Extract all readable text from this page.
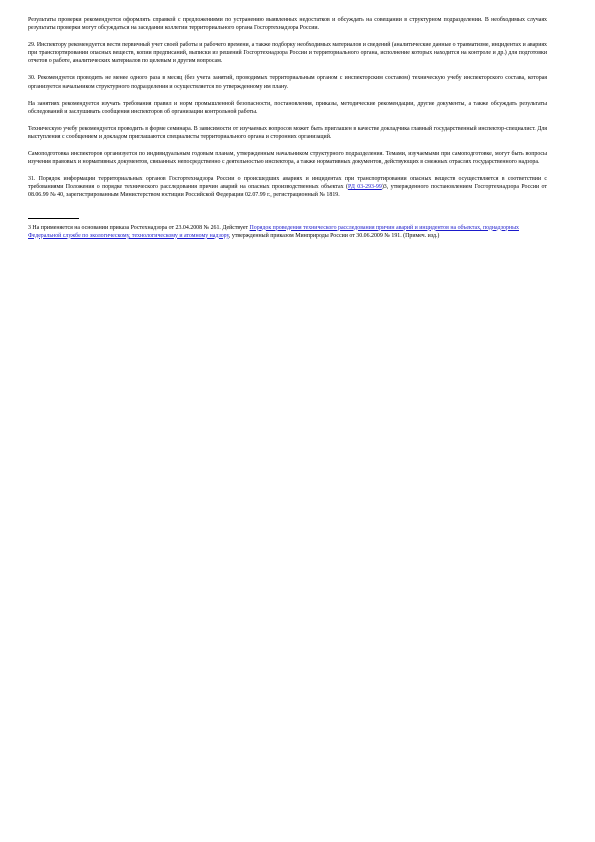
Результаты проверки рекомендуется оформлять справкой с предложениями по устранению выявленных недостатков и обсуждать на совещании в структурном подразделении. В необходимых случаях результаты проверки могут обсуждаться на заседании коллегии территориального органа Госгортехнадзора России.

29. Инспектору рекомендуется вести первичный учет своей работы и рабочего времени, а также подборку необходимых материалов и сведений (аналитические данные о травматизме, инцидентах и авариях при транспортировании опасных веществ, копии предписаний, выписки из решений Госгортехнадзора России и территориального органа, исполнение которых находится на контроле и др.) для подготовки отчетов о работе, аналитических материалов по целевым и другим вопросам.

30. Рекомендуется проводить не менее одного раза в месяц (без учета занятий, проводимых территориальным органом с инспекторским составом) техническую учебу инспекторского состава, которая организуется начальником структурного подразделения и осуществляется по утвержденному им плану.

На занятиях рекомендуется изучать требования правил и норм промышленной безопасности, постановления, приказы, методические рекомендации, другие документы, а также обсуждать результаты обследований и заслушивать сообщения инспекторов об организации контрольной работы.

Техническую учебу рекомендуется проводить в форме семинара. В зависимости от изучаемых вопросов может быть приглашен в качестве докладчика главный государственный инспектор-специалист. Для выступления с сообщением и докладом приглашаются специалисты территориального органа и сторонних организаций.

Самоподготовка инспекторов организуется по индивидуальным годовым планам, утвержденным начальником структурного подразделения. Темами, изучаемыми при самоподготовке, могут быть вопросы изучения правовых и нормативных документов, связанных непосредственно с деятельностью инспектора, а также нормативных документов, действующих в смежных отраслях государственного надзора.

31. Порядок информации территориальных органов Госгортехнадзора России о происшедших авариях и инцидентах при транспортировании опасных веществ осуществляется в соответствии с требованиями Положения о порядке технического расследования причин аварий на опасных производственных объектах (РД 03-293-99)3, утвержденного постановлением Госгортехнадзора России от 08.06.99 № 40, зарегистрированным Министерством юстиции Российской Федерации 02.07.99 г., регистрационный № 1819.

3 На применяется на основании приказа Ростехнадзора от 23.04.2008 № 261. Действует Порядок проведения технического расследования причин аварий и инцидентов на объектах, поднадзорных Федеральной службе по экологическому, технологическому и атомному надзору, утвержденный приказом Минприроды России от 30.06.2009 № 191. (Примеч. изд.)
